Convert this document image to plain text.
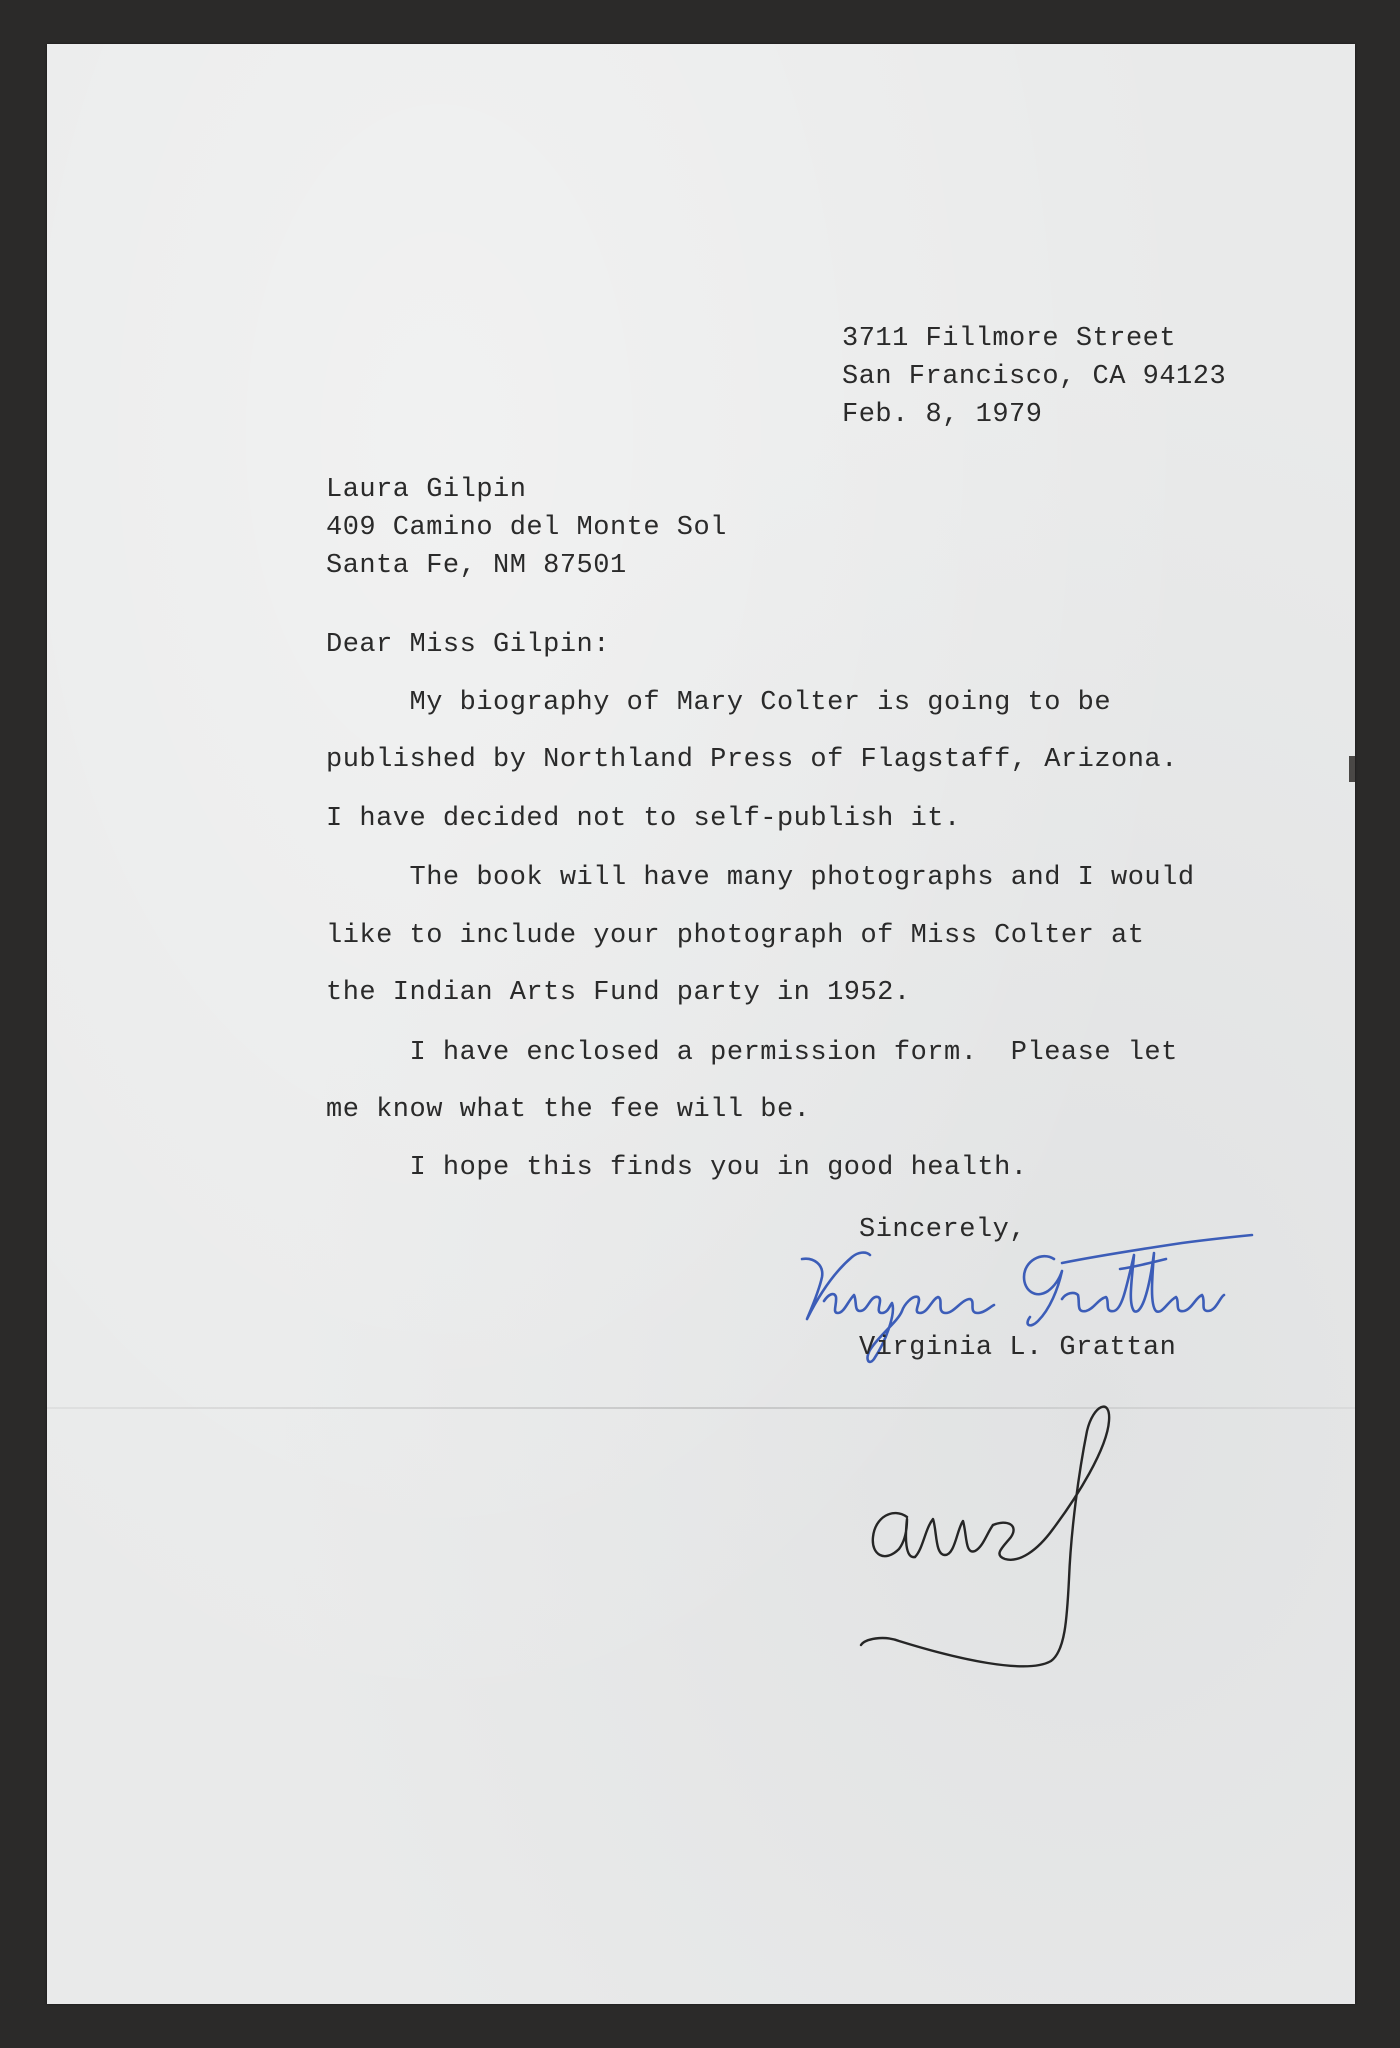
3711 Fillmore Street
San Francisco, CA 94123
Feb. 8, 1979
Laura Gilpin
409 Camino del Monte Sol
Santa Fe, NM 87501
Dear Miss Gilpin:
My biography of Mary Colter is going to be
published by Northland Press of Flagstaff, Arizona.
I have decided not to self-publish it.
The book will have many photographs and I would
like to include your photograph of Miss Colter at
the Indian Arts Fund party in 1952.
I have enclosed a permission form.  Please let
me know what the fee will be.
I hope this finds you in good health.
Sincerely,
Virginia L. Grattan
